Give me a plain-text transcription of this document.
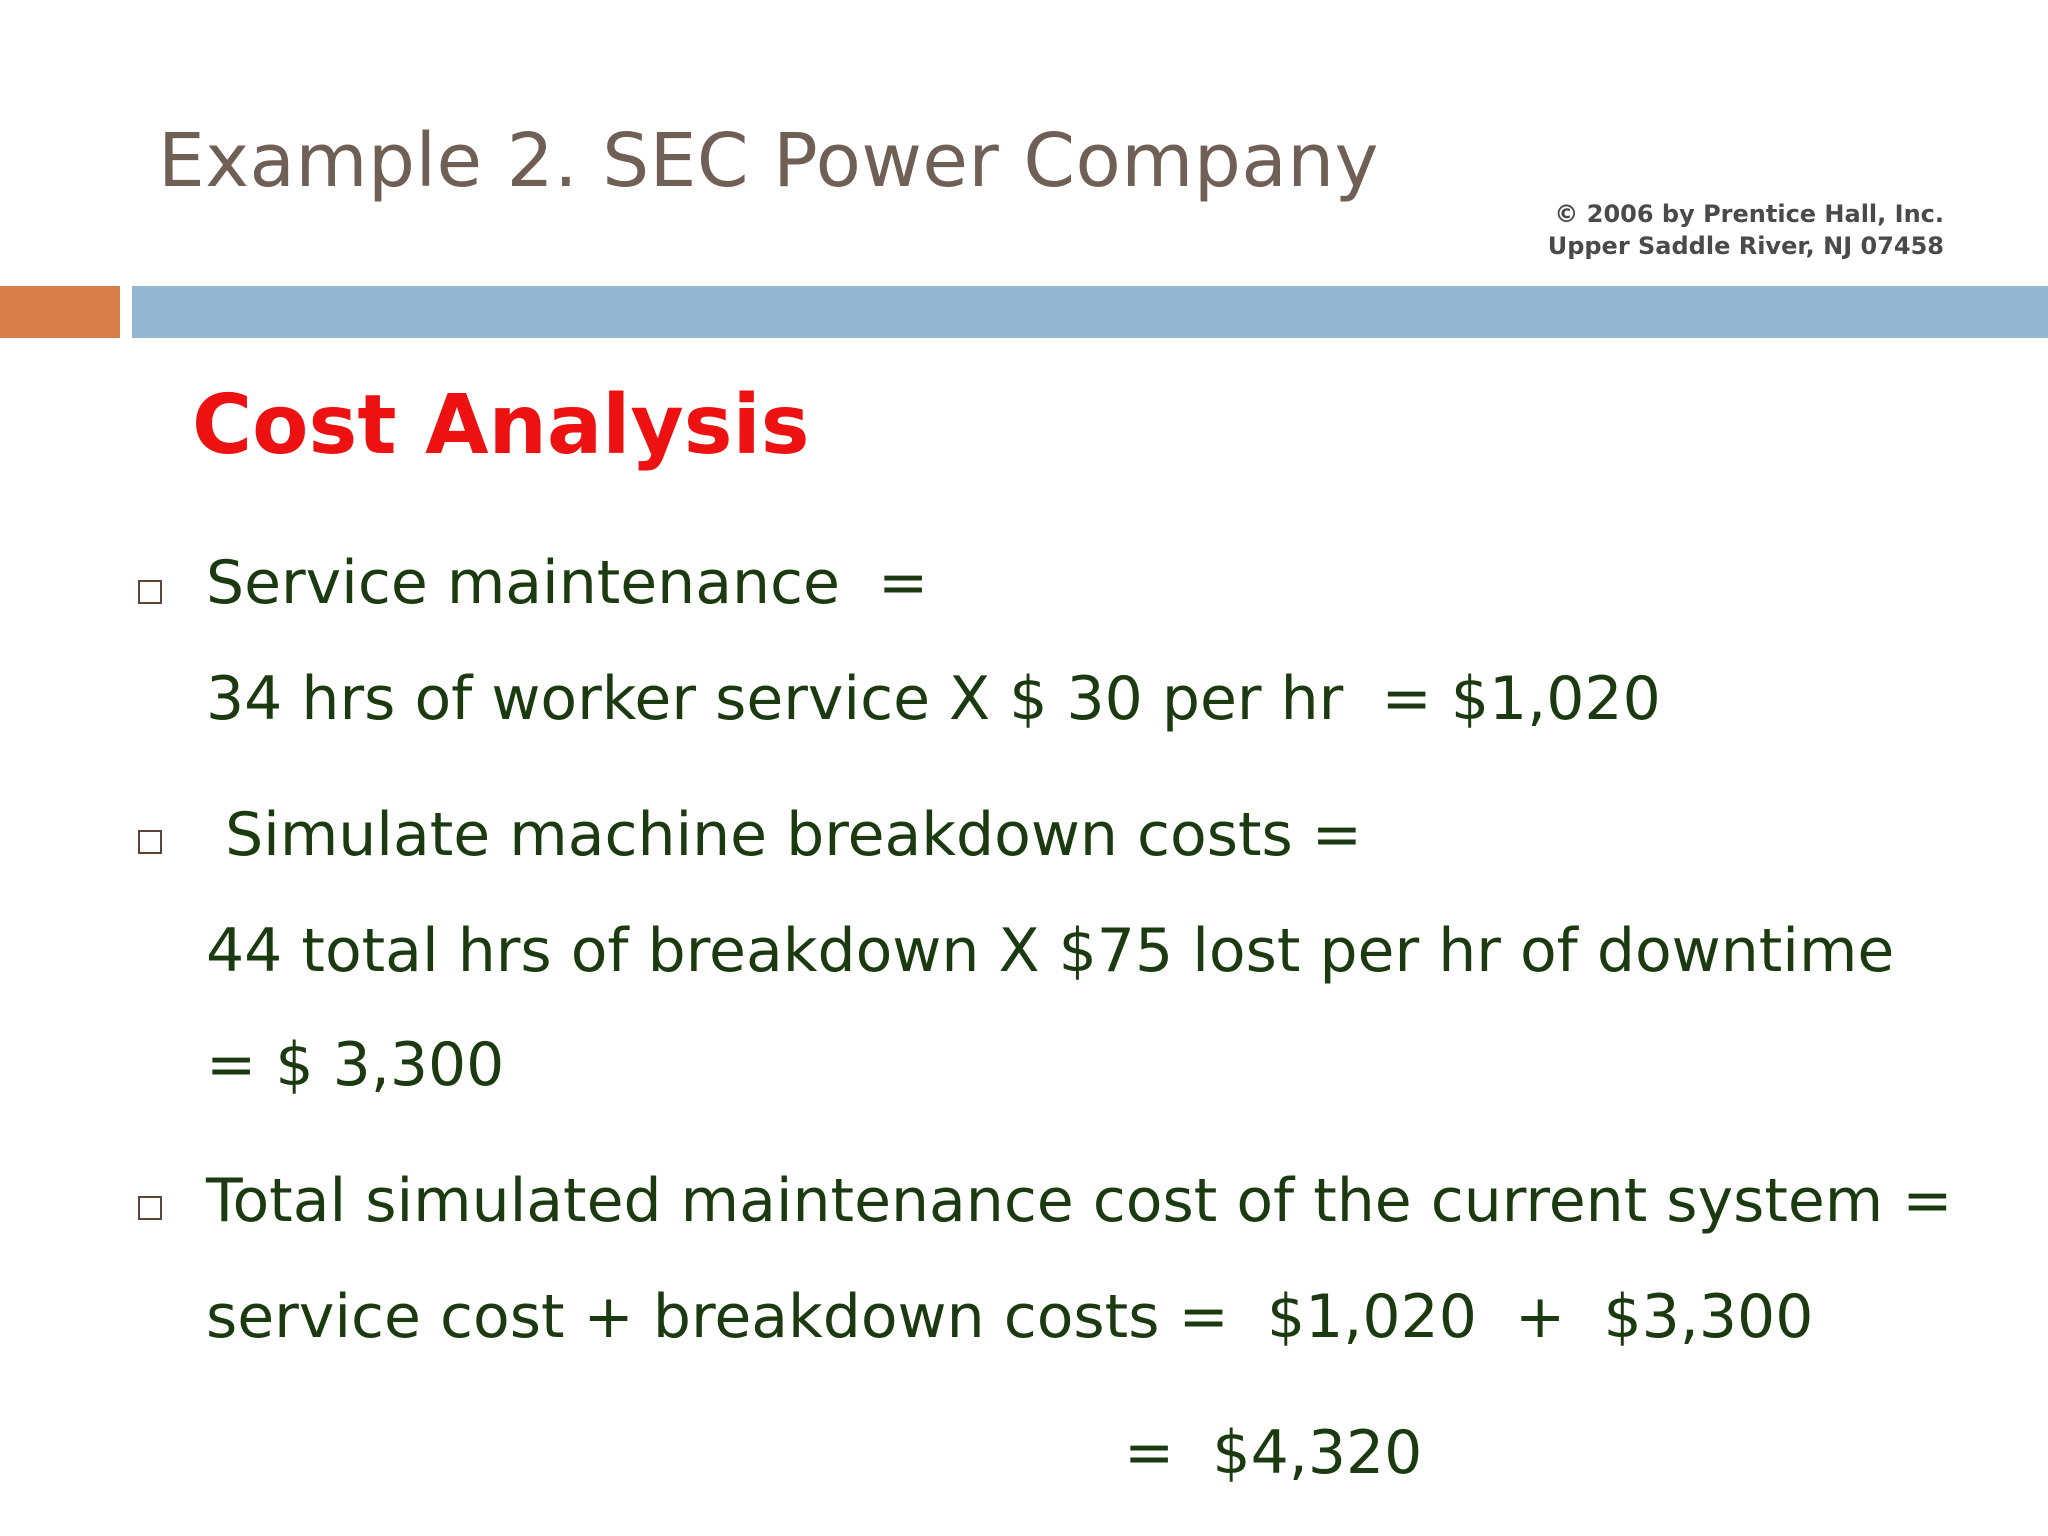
Example 2. SEC Power Company
© 2006 by Prentice Hall, Inc.
Upper Saddle River, NJ 07458
Cost Analysis
Service maintenance  =
34 hrs of worker service X $ 30 per hr  = $1,020
Simulate machine breakdown costs =
44 total hrs of breakdown X $75 lost per hr of downtime
= $ 3,300
Total simulated maintenance cost of the current system =
service cost + breakdown costs =  $1,020  +  $3,300
=  $4,320
